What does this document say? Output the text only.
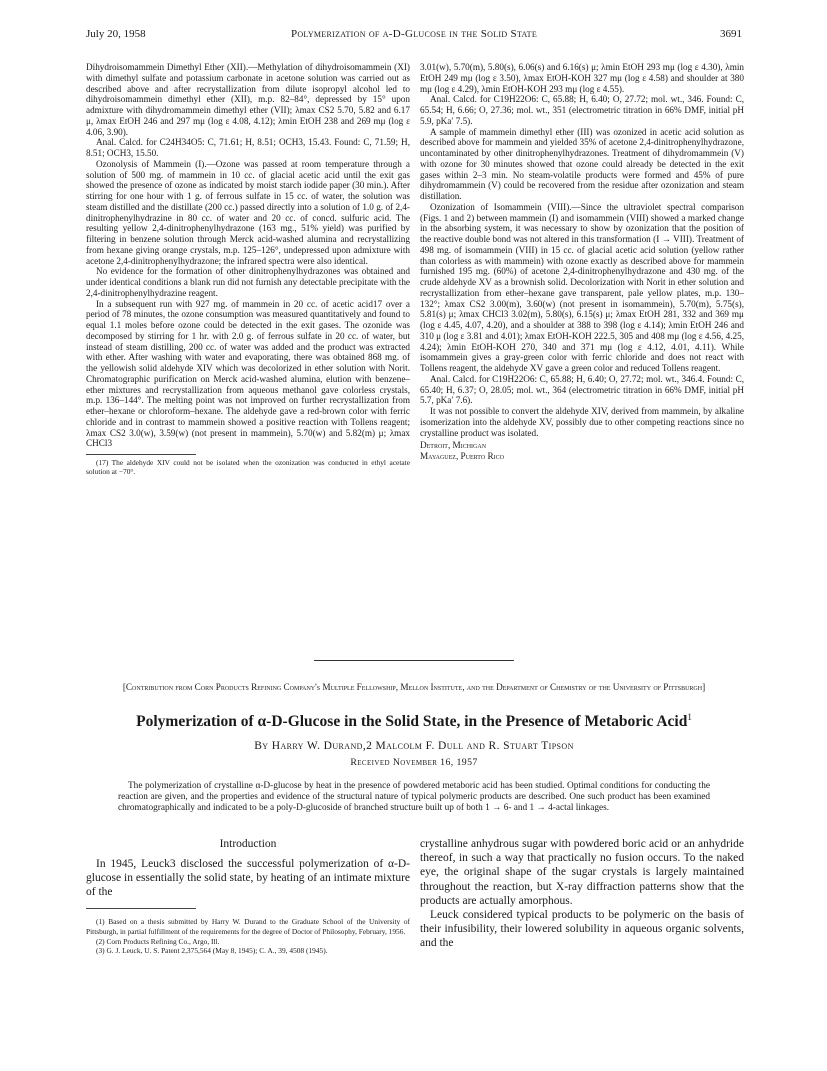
July 20, 1958	Polymerization of α-D-Glucose in the Solid State	3691

Dihydroisomammein Dimethyl Ether (XII).—Methylation of dihydroisomammein (XI) with dimethyl sulfate and potassium carbonate in acetone solution was carried out as described above and after recrystallization from dilute isopropyl alcohol led to dihydroisomammein dimethyl ether (XII), m.p. 82–84°, depressed by 15° upon admixture with dihydromammein dimethyl ether (VII); λmax CS2 5.70, 5.82 and 6.17 μ, λmax EtOH 246 and 297 mμ (log ε 4.08, 4.12); λmin EtOH 238 and 269 mμ (log ε 4.06, 3.90).

Anal. Calcd. for C24H34O5: C, 71.61; H, 8.51; OCH3, 15.43. Found: C, 71.59; H, 8.51; OCH3, 15.50.

Ozonolysis of Mammein (I).—Ozone was passed at room temperature through a solution of 500 mg. of mammein in 10 cc. of glacial acetic acid until the exit gas showed the presence of ozone as indicated by moist starch iodide paper (30 min.). After stirring for one hour with 1 g. of ferrous sulfate in 15 cc. of water, the solution was steam distilled and the distillate (200 cc.) passed directly into a solution of 1.0 g. of 2,4-dinitrophenylhydrazine in 80 cc. of water and 20 cc. of concd. sulfuric acid. The resulting yellow 2,4-dinitrophenylhydrazone (163 mg., 51% yield) was purified by filtering in benzene solution through Merck acid-washed alumina and recrystallizing from hexane giving orange crystals, m.p. 125–126°, undepressed upon admixture with acetone 2,4-dinitrophenylhydrazone; the infrared spectra were also identical.

No evidence for the formation of other dinitrophenylhydrazones was obtained and under identical conditions a blank run did not furnish any detectable precipitate with the 2,4-dinitrophenylhydrazine reagent.

In a subsequent run with 927 mg. of mammein in 20 cc. of acetic acid17 over a period of 78 minutes, the ozone consumption was measured quantitatively and found to equal 1.1 moles before ozone could be detected in the exit gases. The ozonide was decomposed by stirring for 1 hr. with 2.0 g. of ferrous sulfate in 20 cc. of water, but instead of steam distilling, 200 cc. of water was added and the product was extracted with ether. After washing with water and evaporating, there was obtained 868 mg. of the yellowish solid aldehyde XIV which was decolorized in ether solution with Norit. Chromatographic purification on Merck acid-washed alumina, elution with benzene–ether mixtures and recrystallization from aqueous methanol gave colorless crystals, m.p. 136–144°. The melting point was not improved on further recrystallization from ether–hexane or chloroform–hexane. The aldehyde gave a red-brown color with ferric chloride and in contrast to mammein showed a positive reaction with Tollens reagent; λmax CS2 3.0(w), 3.59(w) (not present in mammein), 5.70(w) and 5.82(m) μ; λmax CHCl3

(17) The aldehyde XIV could not be isolated when the ozonization was conducted in ethyl acetate solution at −70°.

3.01(w), 5.70(m), 5.80(s), 6.06(s) and 6.16(s) μ; λmin EtOH 293 mμ (log ε 4.30), λmin EtOH 249 mμ (log ε 3.50), λmax EtOH-KOH 327 mμ (log ε 4.58) and shoulder at 380 mμ (log ε 4.29), λmin EtOH-KOH 293 mμ (log ε 4.55).

Anal. Calcd. for C19H22O6: C, 65.88; H, 6.40; O, 27.72; mol. wt., 346. Found: C, 65.54; H, 6.66; O, 27.36; mol. wt., 351 (electrometric titration in 66% DMF, initial pH 5.9, pKa′ 7.5).

A sample of mammein dimethyl ether (III) was ozonized in acetic acid solution as described above for mammein and yielded 35% of acetone 2,4-dinitrophenylhydrazone, uncontaminated by other dinitrophenylhydrazones. Treatment of dihydromammein (V) with ozone for 30 minutes showed that ozone could already be detected in the exit gases within 2–3 min. No steam-volatile products were formed and 45% of pure dihydromammein (V) could be recovered from the residue after ozonization and steam distillation.

Ozonization of Isomammein (VIII).—Since the ultraviolet spectral comparison (Figs. 1 and 2) between mammein (I) and isomammein (VIII) showed a marked change in the absorbing system, it was necessary to show by ozonization that the position of the reactive double bond was not altered in this transformation (I → VIII). Treatment of 498 mg. of isomammein (VIII) in 15 cc. of glacial acetic acid solution (yellow rather than colorless as with mammein) with ozone exactly as described above for mammein furnished 195 mg. (60%) of acetone 2,4-dinitrophenylhydrazone and 430 mg. of the crude aldehyde XV as a brownish solid. Decolorization with Norit in ether solution and recrystallization from ether–hexane gave transparent, pale yellow plates, m.p. 130–132°; λmax CS2 3.00(m), 3.60(w) (not present in isomammein), 5.70(m), 5.75(s), 5.81(s) μ; λmax CHCl3 3.02(m), 5.80(s), 6.15(s) μ; λmax EtOH 281, 332 and 369 mμ (log ε 4.45, 4.07, 4.20), and a shoulder at 388 to 398 (log ε 4.14); λmin EtOH 246 and 310 μ (log ε 3.81 and 4.01); λmax EtOH-KOH 222.5, 305 and 408 mμ (log ε 4.56, 4.25, 4.24); λmin EtOH-KOH 270, 340 and 371 mμ (log ε 4.12, 4.01, 4.11). While isomammein gives a gray-green color with ferric chloride and does not react with Tollens reagent, the aldehyde XV gave a green color and reduced Tollens reagent.

Anal. Calcd. for C19H22O6: C, 65.88; H, 6.40; O, 27.72; mol. wt., 346.4. Found: C, 65.40; H, 6.37; O, 28.05; mol. wt., 364 (electrometric titration in 66% DMF, initial pH 5.7, pKa′ 7.6).

It was not possible to convert the aldehyde XIV, derived from mammein, by alkaline isomerization into the aldehyde XV, possibly due to other competing reactions since no crystalline product was isolated.

Detroit, Michigan
Mayaguez, Puerto Rico
[Contribution from Corn Products Refining Company's Multiple Fellowship, Mellon Institute, and the Department of Chemistry of the University of Pittsburgh]
Polymerization of α-D-Glucose in the Solid State, in the Presence of Metaboric Acid$^1$
By Harry W. Durand,2 Malcolm F. Dull and R. Stuart Tipson
Received November 16, 1957
The polymerization of crystalline α-D-glucose by heat in the presence of powdered metaboric acid has been studied. Optimal conditions for conducting the reaction are given, and the properties and evidence of the structural nature of typical polymeric products are described. One such product has been examined chromatographically and indicated to be a poly-D-glucoside of branched structure built up of both 1 → 6- and 1 → 4-actal linkages.
Introduction

In 1945, Leuck3 disclosed the successful polymerization of α-D-glucose in essentially the solid state, by heating of an intimate mixture of the

(1) Based on a thesis submitted by Harry W. Durand to the Graduate School of the University of Pittsburgh, in partial fulfillment of the requirements for the degree of Doctor of Philosophy, February, 1956.

(2) Corn Products Refining Co., Argo, Ill.

(3) G. J. Leuck, U. S. Patent 2,375,564 (May 8, 1945); C. A., 39, 4508 (1945).

crystalline anhydrous sugar with powdered boric acid or an anhydride thereof, in such a way that practically no fusion occurs. To the naked eye, the original shape of the sugar crystals is largely maintained throughout the reaction, but X-ray diffraction patterns show that the products are actually amorphous.

Leuck considered typical products to be polymeric on the basis of their infusibility, their lowered solubility in aqueous organic solvents, and the
